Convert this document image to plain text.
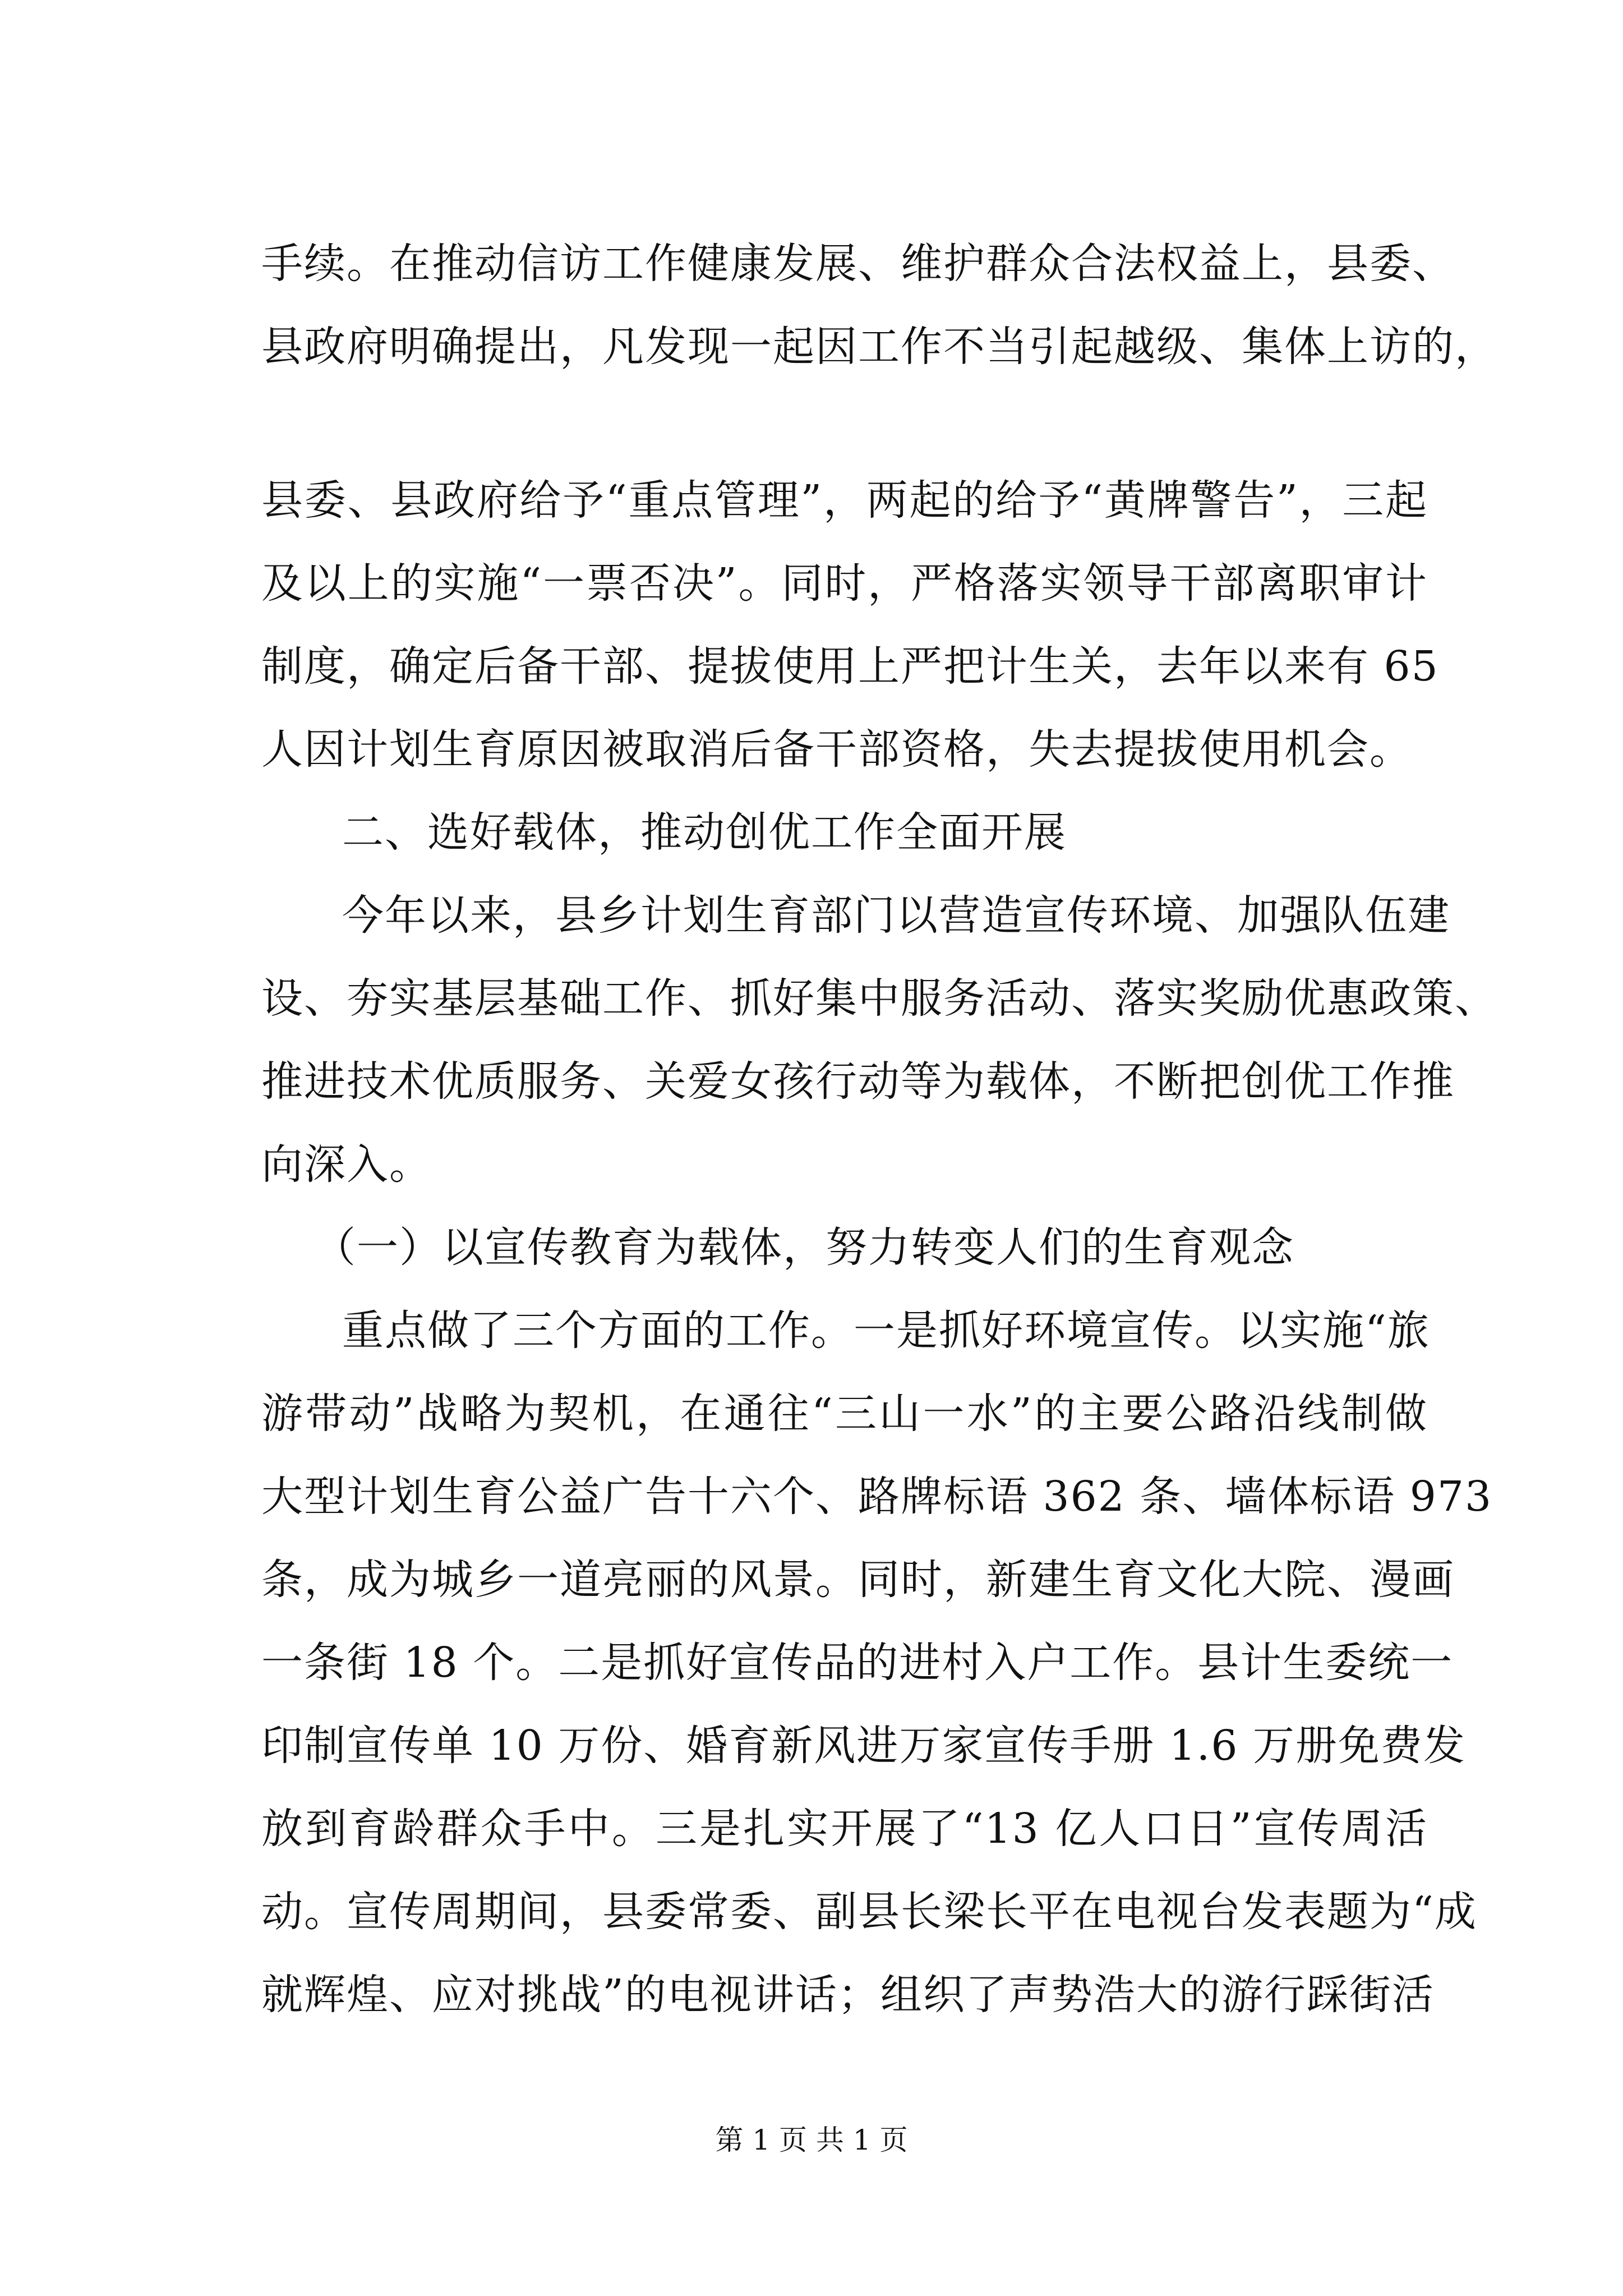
手续。在推动信访工作健康发展、维护群众合法权益上，县委、
县政府明确提出，凡发现一起因工作不当引起越级、集体上访的，
县委、县政府给予“重点管理”，两起的给予“黄牌警告”，三起
及以上的实施“一票否决”。同时，严格落实领导干部离职审计
制度，确定后备干部、提拔使用上严把计生关，去年以来有 65
人因计划生育原因被取消后备干部资格，失去提拔使用机会。
二、选好载体，推动创优工作全面开展
今年以来，县乡计划生育部门以营造宣传环境、加强队伍建
设、夯实基层基础工作、抓好集中服务活动、落实奖励优惠政策、
推进技术优质服务、关爱女孩行动等为载体，不断把创优工作推
向深入。
（一）以宣传教育为载体，努力转变人们的生育观念
重点做了三个方面的工作。一是抓好环境宣传。以实施“旅
游带动”战略为契机，在通往“三山一水”的主要公路沿线制做
大型计划生育公益广告十六个、路牌标语 362 条、墙体标语 973
条，成为城乡一道亮丽的风景。同时，新建生育文化大院、漫画
一条街 18 个。二是抓好宣传品的进村入户工作。县计生委统一
印制宣传单 10 万份、婚育新风进万家宣传手册 1.6 万册免费发
放到育龄群众手中。三是扎实开展了“13 亿人口日”宣传周活
动。宣传周期间，县委常委、副县长梁长平在电视台发表题为“成
就辉煌、应对挑战”的电视讲话；组织了声势浩大的游行踩街活
第 1 页 共 1 页
